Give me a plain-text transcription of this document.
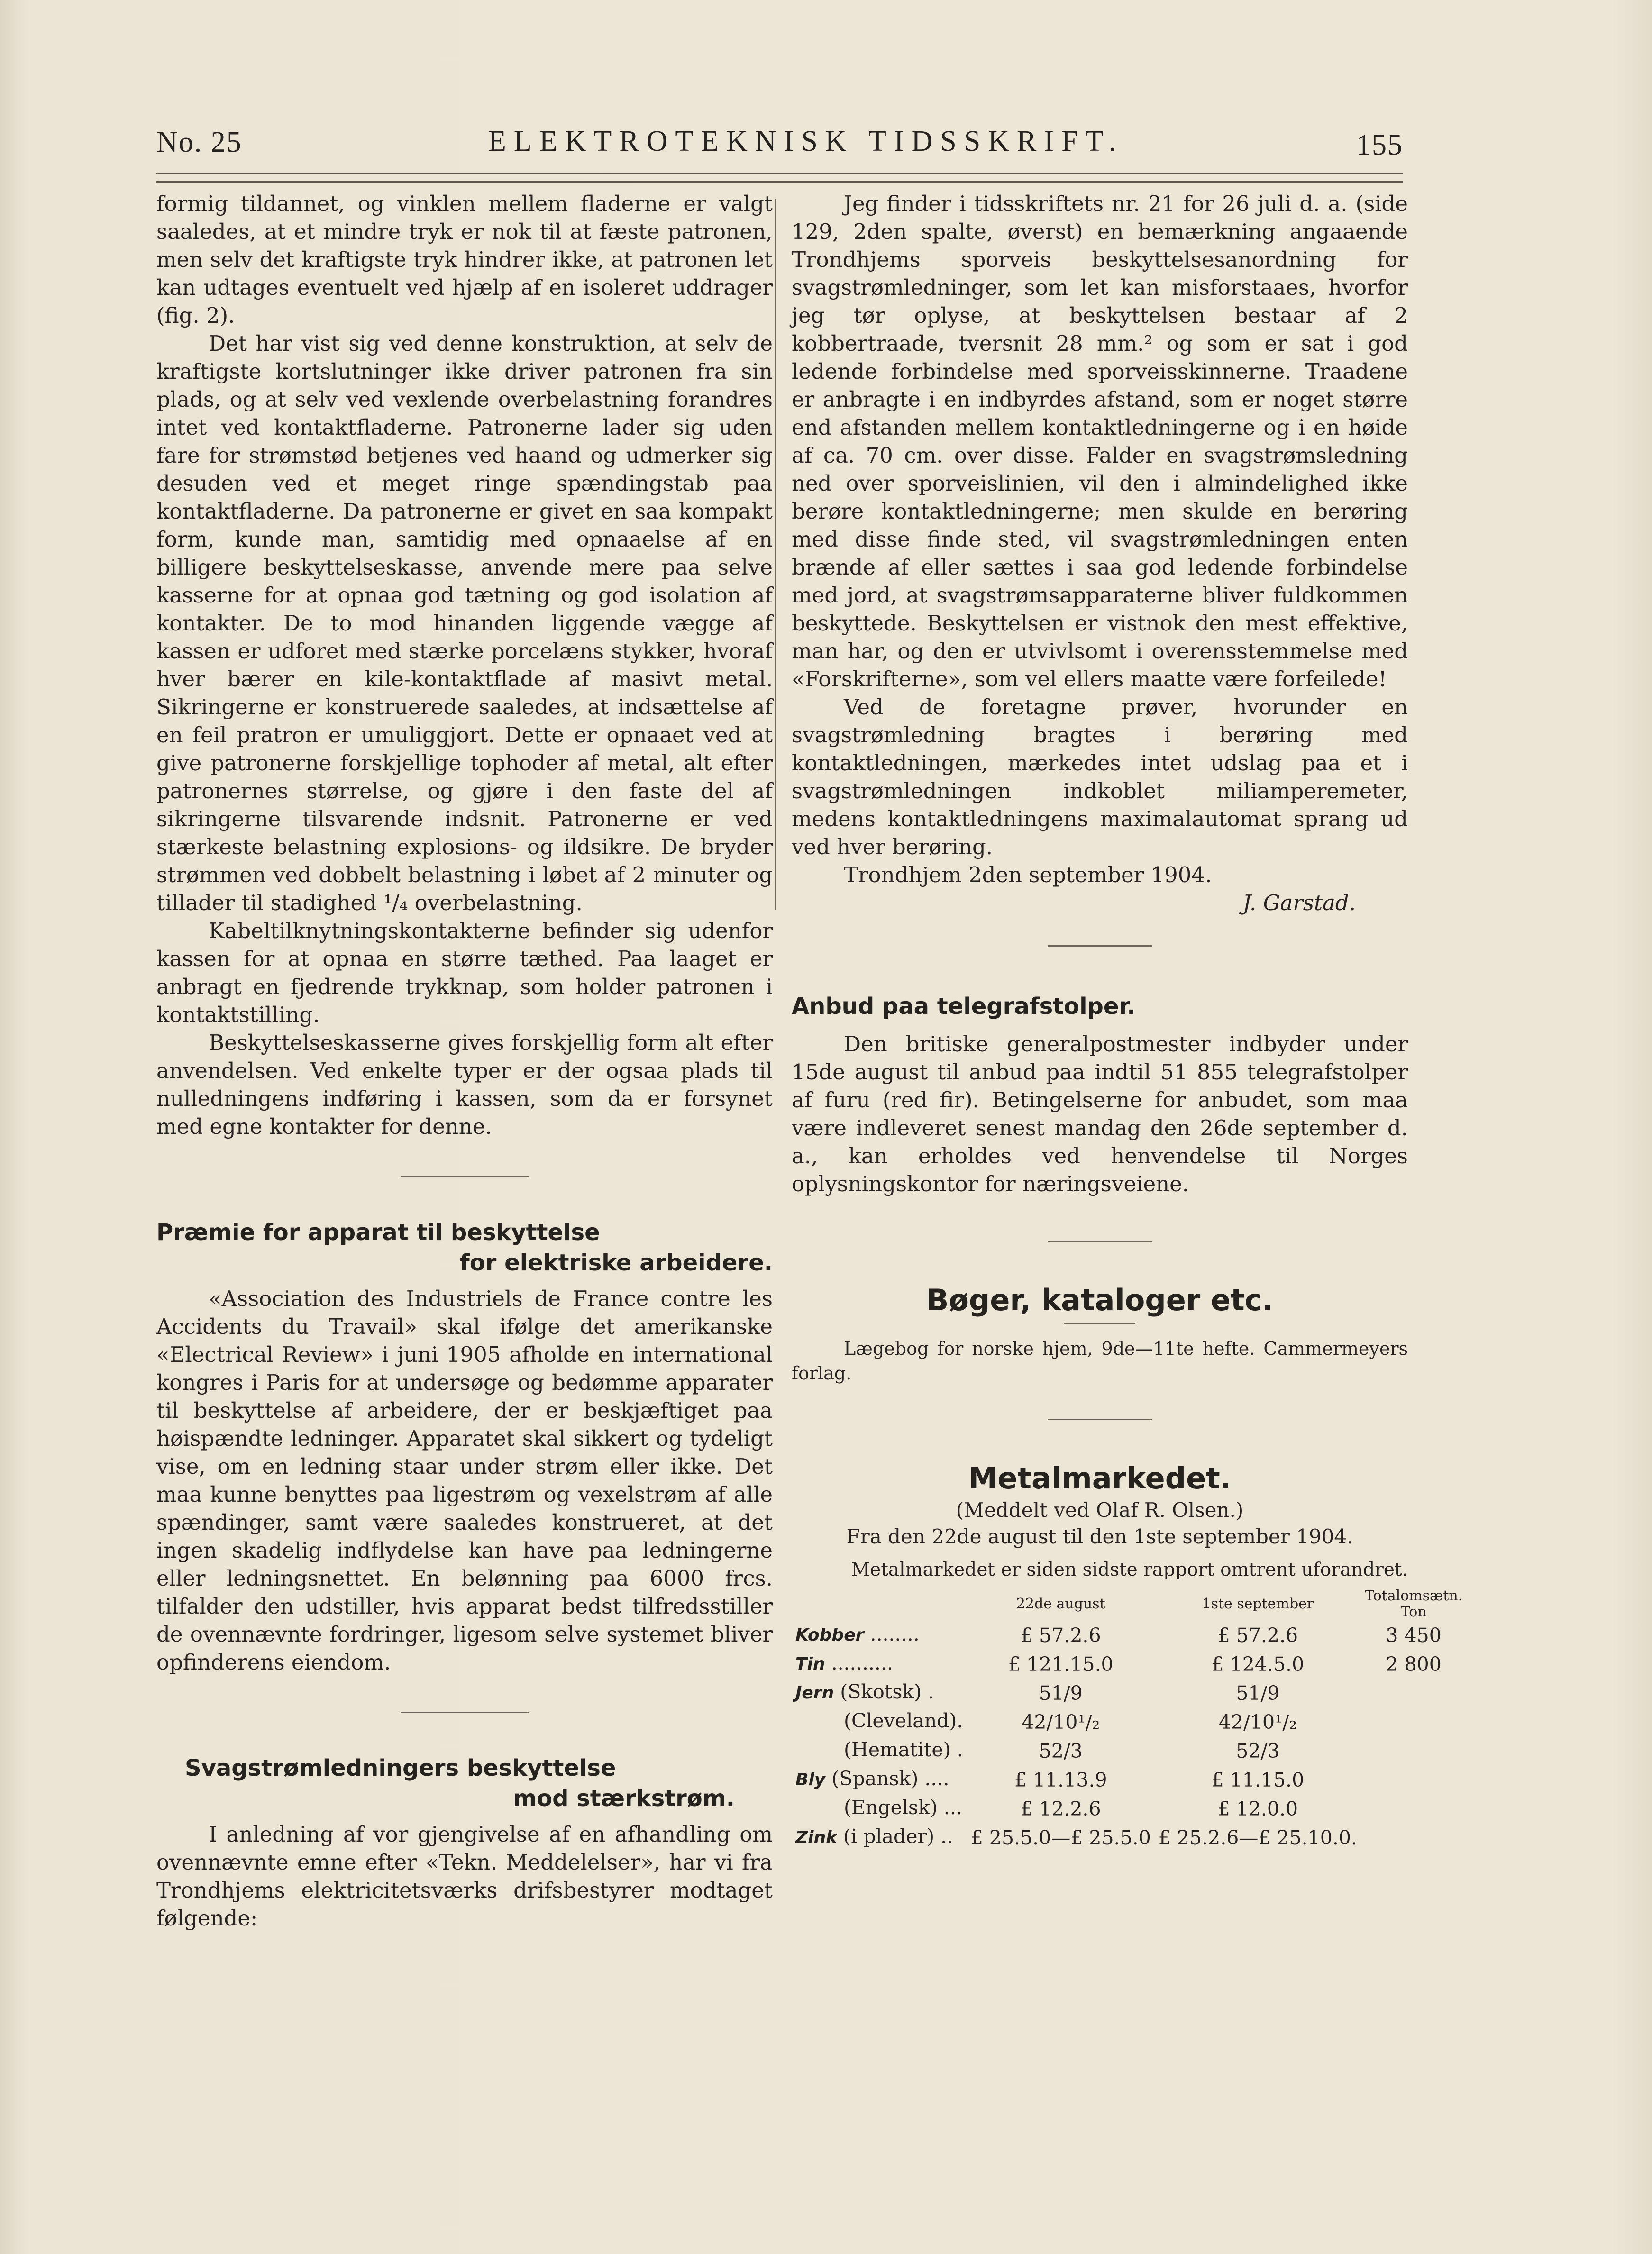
No. 25	ELEKTROTEKNISK TIDSSKRIFT.	155

formig tildannet, og vinklen mellem fladerne er valgt saaledes, at et mindre tryk er nok til at fæste patronen, men selv det kraftigste tryk hindrer ikke, at patronen let kan udtages eventuelt ved hjælp af en isoleret uddrager (fig. 2).

Det har vist sig ved denne konstruktion, at selv de kraftigste kortslutninger ikke driver patronen fra sin plads, og at selv ved vexlende overbelastning forandres intet ved kontaktfladerne. Patronerne lader sig uden fare for strømstød betjenes ved haand og udmerker sig desuden ved et meget ringe spændingstab paa kontaktfladerne. Da patronerne er givet en saa kompakt form, kunde man, samtidig med opnaaelse af en billigere beskyttelseskasse, anvende mere paa selve kasserne for at opnaa god tætning og god isolation af kontakter. De to mod hinanden liggende vægge af kassen er udforet med stærke porcelæns stykker, hvoraf hver bærer en kile-kontaktflade af masivt metal. Sikringerne er konstruerede saaledes, at indsættelse af en feil pratron er umuliggjort. Dette er opnaaet ved at give patronerne forskjellige tophoder af metal, alt efter patronernes størrelse, og gjøre i den faste del af sikringerne tilsvarende indsnit. Patronerne er ved stærkeste belastning explosions- og ildsikre. De bryder strømmen ved dobbelt belastning i løbet af 2 minuter og tillader til stadighed ¹/₄ overbelastning.

Kabeltilknytningskontakterne befinder sig udenfor kassen for at opnaa en større tæthed. Paa laaget er anbragt en fjedrende trykknap, som holder patronen i kontaktstilling.

Beskyttelseskasserne gives forskjellig form alt efter anvendelsen. Ved enkelte typer er der ogsaa plads til nulledningens indføring i kassen, som da er forsynet med egne kontakter for denne.

Præmie for apparat til beskyttelse
for elektriske arbeidere.

«Association des Industriels de France contre les Accidents du Travail» skal ifølge det amerikanske «Electrical Review» i juni 1905 afholde en international kongres i Paris for at undersøge og bedømme apparater til beskyttelse af arbeidere, der er beskjæftiget paa høispændte ledninger. Apparatet skal sikkert og tydeligt vise, om en ledning staar under strøm eller ikke. Det maa kunne benyttes paa ligestrøm og vexelstrøm af alle spændinger, samt være saaledes konstrueret, at det ingen skadelig indflydelse kan have paa ledningerne eller ledningsnettet. En belønning paa 6000 frcs. tilfalder den udstiller, hvis apparat bedst tilfredsstiller de ovennævnte fordringer, ligesom selve systemet bliver opfinderens eiendom.

Svagstrømledningers beskyttelse
mod stærkstrøm.

I anledning af vor gjengivelse af en afhandling om ovennævnte emne efter «Tekn. Meddelelser», har vi fra Trondhjems elektricitetsværks drifsbestyrer modtaget følgende:

Jeg finder i tidsskriftets nr. 21 for 26 juli d. a. (side 129, 2den spalte, øverst) en bemærkning angaaende Trondhjems sporveis beskyttelsesanordning for svagstrømledninger, som let kan misforstaaes, hvorfor jeg tør oplyse, at beskyttelsen bestaar af 2 kobbertraade, tversnit 28 mm.² og som er sat i god ledende forbindelse med sporveisskinnerne. Traadene er anbragte i en indbyrdes afstand, som er noget større end afstanden mellem kontaktledningerne og i en høide af ca. 70 cm. over disse. Falder en svagstrømsledning ned over sporveislinien, vil den i almindelighed ikke berøre kontaktledningerne; men skulde en berøring med disse finde sted, vil svagstrømledningen enten brænde af eller sættes i saa god ledende forbindelse med jord, at svagstrømsapparaterne bliver fuldkommen beskyttede. Beskyttelsen er vistnok den mest effektive, man har, og den er utvivlsomt i overensstemmelse med «Forskrifterne», som vel ellers maatte være forfeilede!

Ved de foretagne prøver, hvorunder en svagstrømledning bragtes i berøring med kontaktledningen, mærkedes intet udslag paa et i svagstrømledningen indkoblet miliamperemeter, medens kontaktledningens maximalautomat sprang ud ved hver berøring.

Trondhjem 2den september 1904.

J. Garstad.

Anbud paa telegrafstolper.

Den britiske generalpostmester indbyder under 15de august til anbud paa indtil 51 855 telegrafstolper af furu (red fir). Betingelserne for anbudet, som maa være indleveret senest mandag den 26de september d. a., kan erholdes ved henvendelse til Norges oplysningskontor for næringsveiene.

Bøger, kataloger etc.

Lægebog for norske hjem, 9de—11te hefte. Cammermeyers forlag.

Metalmarkedet.

(Meddelt ved Olaf R. Olsen.)

Fra den 22de august til den 1ste september 1904.

Metalmarkedet er siden sidste rapport omtrent uforandret.

	22de august	1ste september	Totalomsætn.
Ton

Kobber ........	£ 57.2.6	£ 57.2.6	3 450
Tin ..........	£ 121.15.0	£ 124.5.0	2 800
Jern (Skotsk) .	51/9	51/9	
(Cleveland).	42/10¹/₂	42/10¹/₂	
(Hematite) .	52/3	52/3	
Bly (Spansk) ....	£ 11.13.9	£ 11.15.0	
(Engelsk) ...	£ 12.2.6	£ 12.0.0	
Zink (i plader) ..	£ 25.5.0—£ 25.5.0	£ 25.2.6—£ 25.10.0.	
